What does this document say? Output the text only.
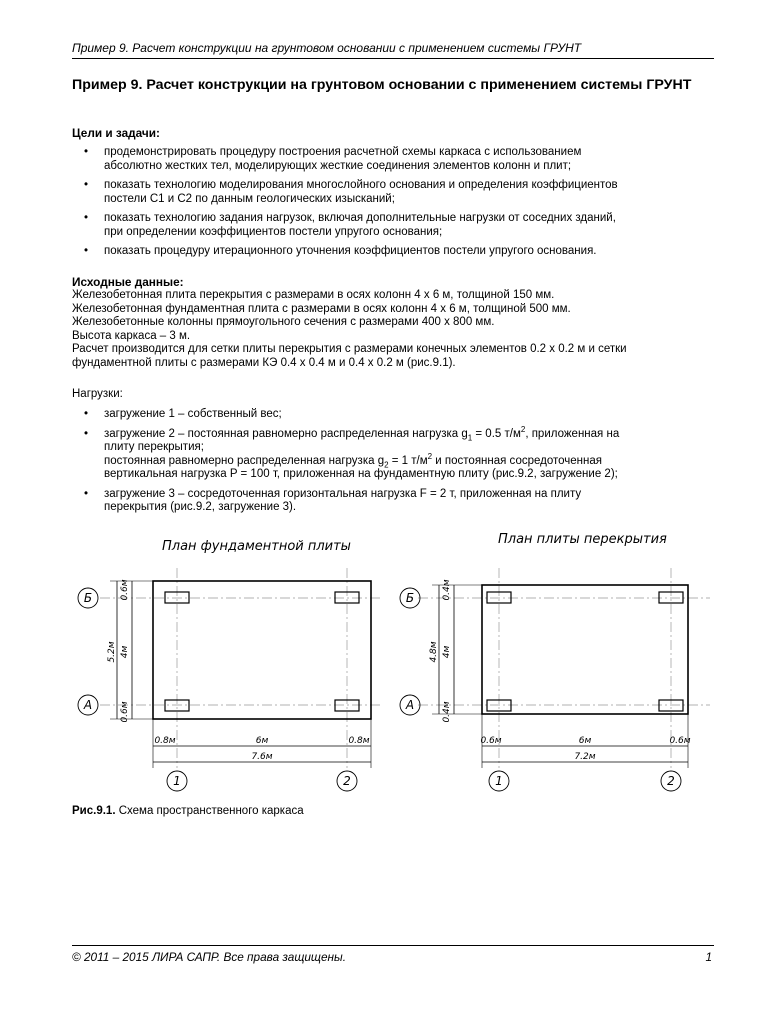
Пример 9. Расчет конструкции на грунтовом основании с применением системы ГРУНТ
Пример 9. Расчет конструкции на грунтовом основании с применением системы ГРУНТ

Цели и задачи:

• продемонстрировать процедуру построения расчетной схемы каркаса с использованием
абсолютно жестких тел, моделирующих жесткие соединения элементов колонн и плит;
• показать технологию моделирования многослойного основания и определения коэффициентов
постели С1 и С2 по данным геологических изысканий;
• показать технологию задания нагрузок, включая дополнительные нагрузки от соседних зданий,
при определении коэффициентов постели упругого основания;
• показать процедуру итерационного уточнения коэффициентов постели упругого основания.

Исходные данные:

Железобетонная плита перекрытия с размерами в осях колонн 4 x 6 м, толщиной 150 мм.
Железобетонная фундаментная плита с размерами в осях колонн 4 x 6 м, толщиной 500 мм.
Железобетонные колонны прямоугольного сечения с размерами 400 x 800 мм.
Высота каркаса – 3 м.
Расчет производится для сетки плиты перекрытия с размерами конечных элементов 0.2 x 0.2 м и сетки
фундаментной плиты с размерами КЭ 0.4 x 0.4 м и 0.4 x 0.2 м (рис.9.1).

Нагрузки:

• загружение 1 – собственный вес;
• загружение 2 – постоянная равномерно распределенная нагрузка $g_1 = 0.5$ $т/м^2$, приложенная на
плиту перекрытия;
постоянная равномерно распределенная нагрузка $g_2 = 1$ $т/м^2$ и постоянная сосредоточенная
вертикальная нагрузка P = 100 т, приложенная на фундаментную плиту (рис.9.2, загружение 2);
• загружение 3 – сосредоточенная горизонтальная нагрузка F = 2 т, приложенная на плиту
перекрытия (рис.9.2, загружение 3).
План фундаментной плиты	План плиты перекрытия
Б
А
1	2
0.6м
4м
5.2м
0.6м
0.8м	6м	0.8м
7.6м
Б
А
1	2
0.4м
4м
4.8м
0.4м
0.6м	6м	0.6м
7.2м
Рис.9.1. Схема пространственного каркаса
© 2011 – 2015 ЛИРА САПР. Все права защищены.	1
